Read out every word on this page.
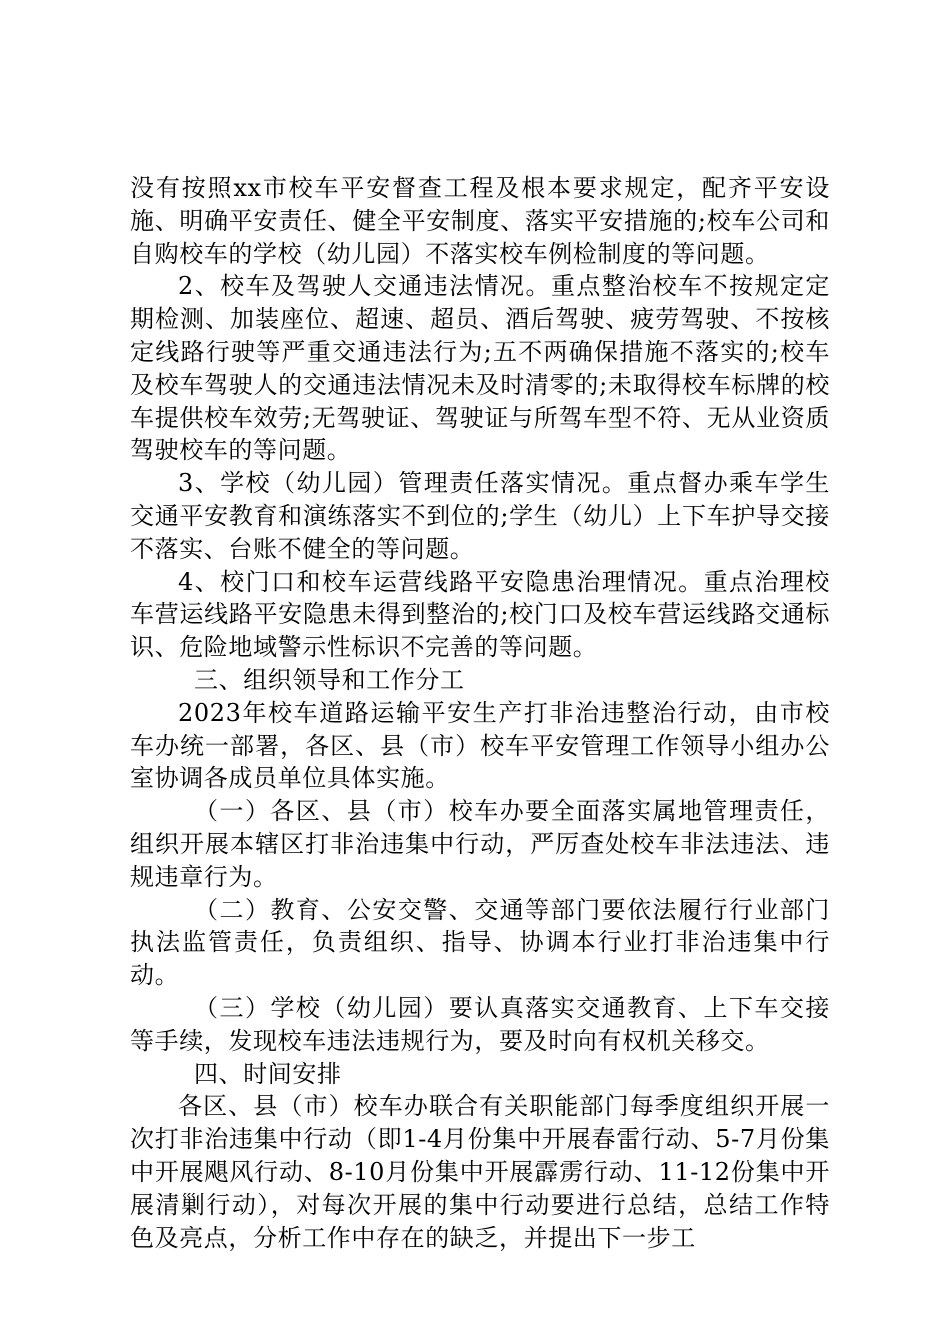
没有按照xx市校车平安督查工程及根本要求规定，配齐平安设施、明确平安责任、健全平安制度、落实平安措施的;校车公司和自购校车的学校（幼儿园）不落实校车例检制度的等问题。

2、校车及驾驶人交通违法情况。重点整治校车不按规定定期检测、加装座位、超速、超员、酒后驾驶、疲劳驾驶、不按核定线路行驶等严重交通违法行为;五不两确保措施不落实的;校车及校车驾驶人的交通违法情况未及时清零的;未取得校车标牌的校车提供校车效劳;无驾驶证、驾驶证与所驾车型不符、无从业资质驾驶校车的等问题。

3、学校（幼儿园）管理责任落实情况。重点督办乘车学生交通平安教育和演练落实不到位的;学生（幼儿）上下车护导交接不落实、台账不健全的等问题。

4、校门口和校车运营线路平安隐患治理情况。重点治理校车营运线路平安隐患未得到整治的;校门口及校车营运线路交通标识、危险地域警示性标识不完善的等问题。

三、组织领导和工作分工

2023年校车道路运输平安生产打非治违整治行动，由市校车办统一部署，各区、县（市）校车平安管理工作领导小组办公室协调各成员单位具体实施。

（一）各区、县（市）校车办要全面落实属地管理责任，组织开展本辖区打非治违集中行动，严厉查处校车非法违法、违规违章行为。

（二）教育、公安交警、交通等部门要依法履行行业部门执法监管责任，负责组织、指导、协调本行业打非治违集中行动。

（三）学校（幼儿园）要认真落实交通教育、上下车交接等手续，发现校车违法违规行为，要及时向有权机关移交。

四、时间安排

各区、县（市）校车办联合有关职能部门每季度组织开展一次打非治违集中行动（即1-4月份集中开展春雷行动、5-7月份集中开展飓风行动、8-10月份集中开展霹雳行动、11-12份集中开展清剿行动），对每次开展的集中行动要进行总结，总结工作特色及亮点，分析工作中存在的缺乏，并提出下一步工
